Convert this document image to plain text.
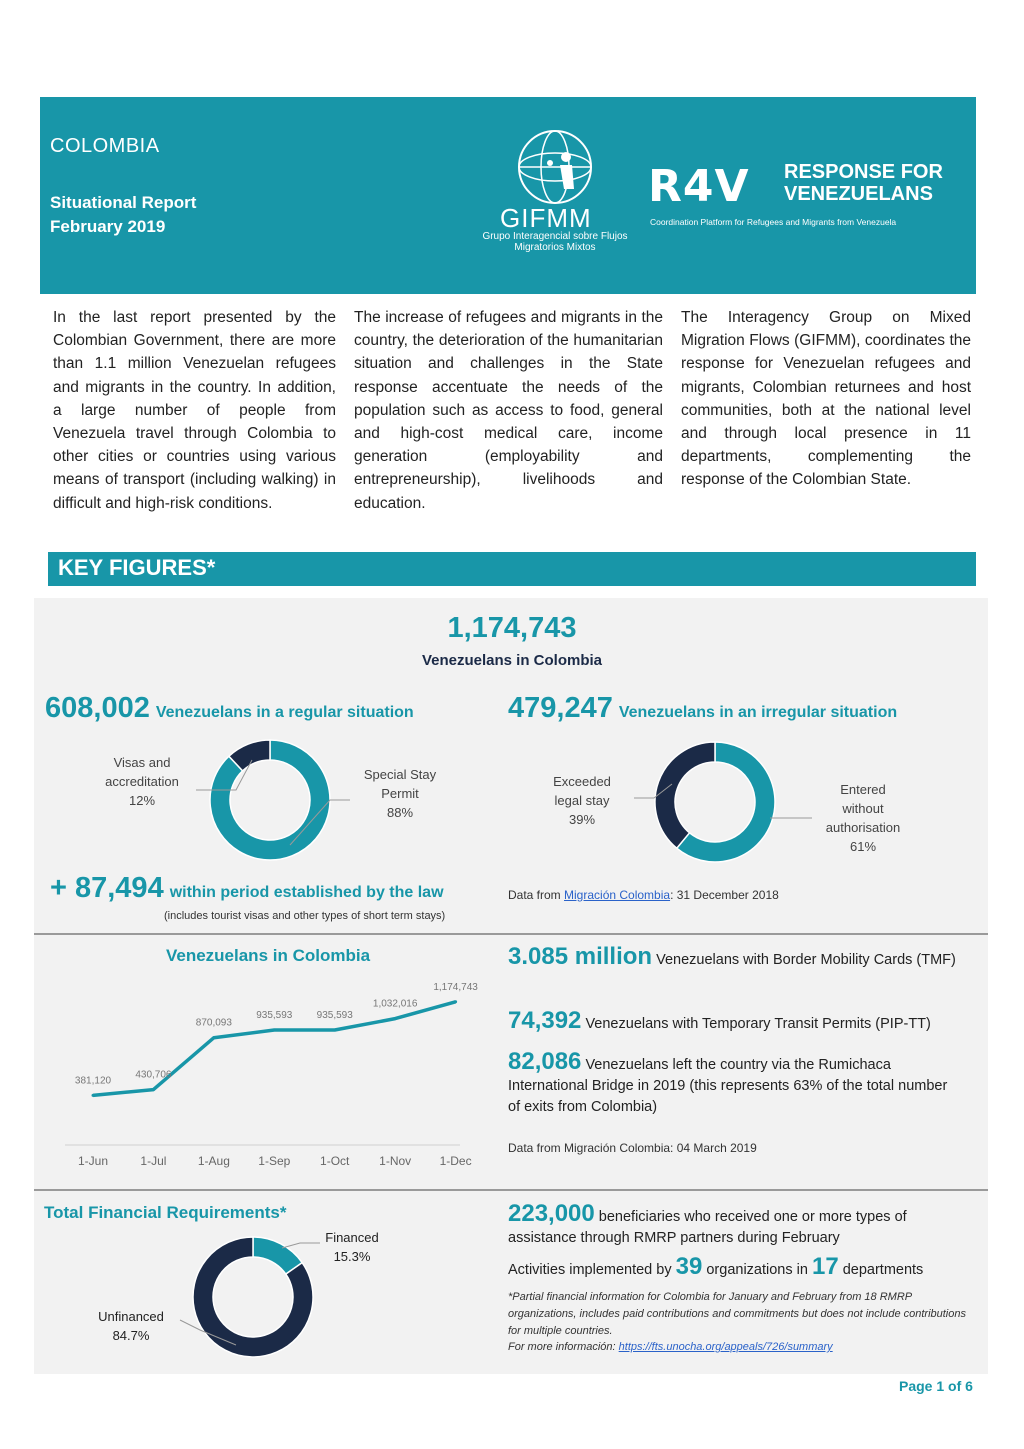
COLOMBIA
Situational Report
February 2019	GIFMM
Grupo Interagencial sobre Flujos Migratorios Mixtos
R4V RESPONSE FOR
VENEZUELANS
Coordination Platform for Refugees and Migrants from Venezuela
In the last report presented by the Colombian Government, there are more than 1.1 million Venezuelan refugees and migrants in the country. In addition, a large number of people from Venezuela travel through Colombia to other cities or countries using various means of transport (including walking) in difficult and high-risk conditions.
The increase of refugees and migrants in the country, the deterioration of the humanitarian situation and challenges in the State response accentuate the needs of the population such as access to food, general and high-cost medical care, income generation (employability and entrepreneurship), livelihoods and education.
The Interagency Group on Mixed Migration Flows (GIFMM), coordinates the response for Venezuelan refugees and migrants, Colombian returnees and host communities, both at the national level and through local presence in 11 departments, complementing the response of the Colombian State.
KEY FIGURES*
1,174,743
Venezuelans in Colombia
608,002 Venezuelans in a regular situation
Visas and accreditation
12%
Special Stay Permit
88%
479,247 Venezuelans in an irregular situation
Exceeded legal stay
39%
Entered without authorisation
61%
+ 87,494 within period established by the law
(includes tourist visas and other types of short term stays)
Data from Migración Colombia: 31 December 2018
Venezuelans in Colombia
381,120
1-Jun
430,706
1-Jul
870,093
1-Aug
935,593
1-Sep
935,593
1-Oct
1,032,016
1-Nov
1,174,743
1-Dec
3.085 million Venezuelans with Border Mobility Cards (TMF)
74,392 Venezuelans with Temporary Transit Permits (PIP-TT)
82,086 Venezuelans left the country via the Rumichaca International Bridge in 2019 (this represents 63% of the total number of exits from Colombia)
Data from Migración Colombia: 04 March 2019
Total Financial Requirements*
Financed
15.3%
Unfinanced
84.7%
223,000 beneficiaries who received one or more types of assistance through RMRP partners during February
Activities implemented by 39 organizations in 17 departments
*Partial financial information for Colombia for January and February from 18 RMRP organizations, includes paid contributions and commitments but does not include contributions for multiple countries.
For more información: https://fts.unocha.org/appeals/726/summary
Page 1 of 6
